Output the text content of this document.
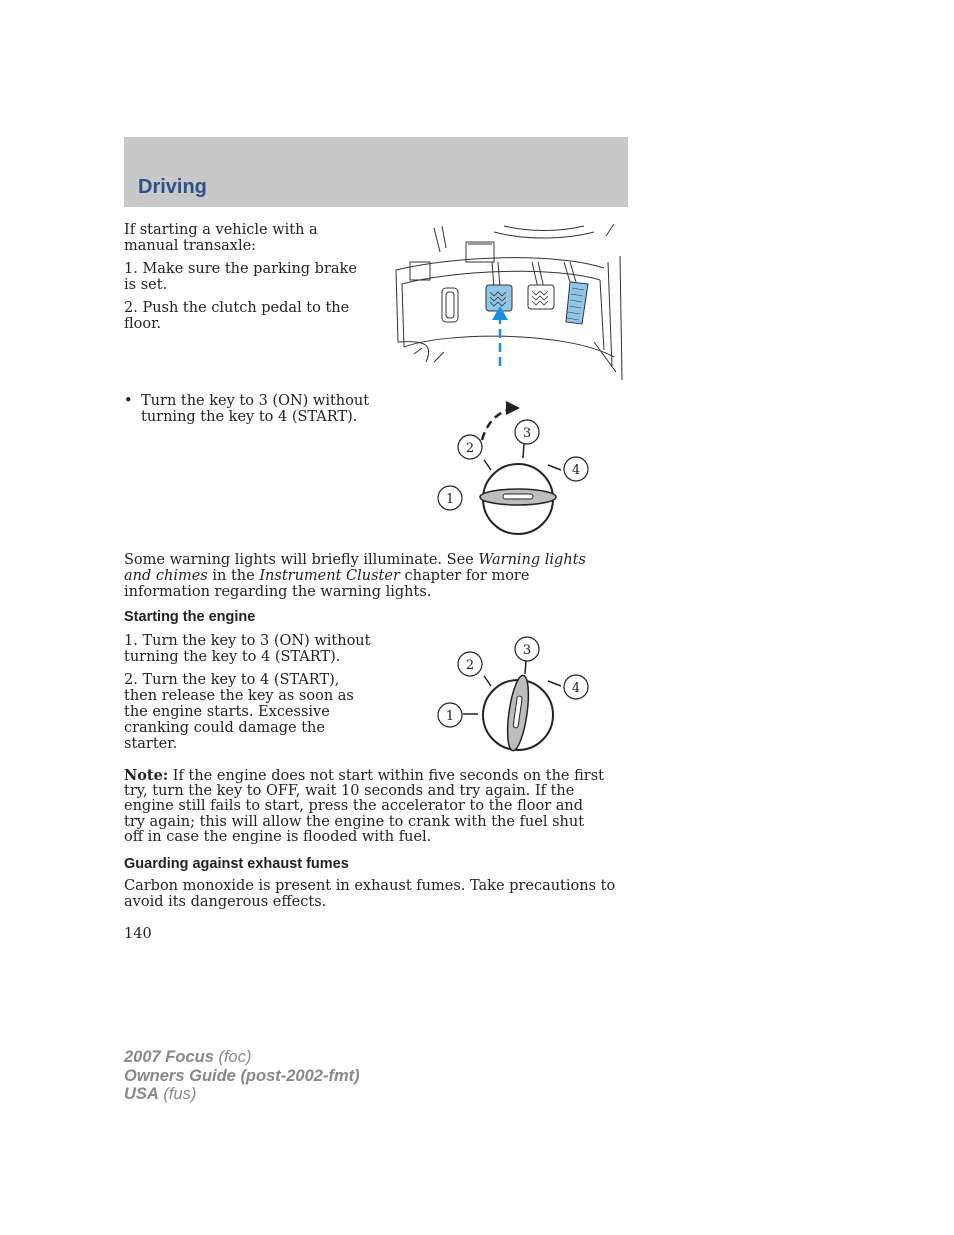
Driving
If starting a vehicle with a manual transaxle:
1. Make sure the parking brake is set.
2. Push the clutch pedal to the floor.
• Turn the key to 3 (ON) without turning the key to 4 (START).
2
3
4
1
Some warning lights will briefly illuminate. See Warning lights and chimes in the Instrument Cluster chapter for more information regarding the warning lights.
Starting the engine
1. Turn the key to 3 (ON) without turning the key to 4 (START).
2. Turn the key to 4 (START), then release the key as soon as the engine starts. Excessive cranking could damage the starter.
2
3
4
1
Note: If the engine does not start within five seconds on the first try, turn the key to OFF, wait 10 seconds and try again. If the engine still fails to start, press the accelerator to the floor and try again; this will allow the engine to crank with the fuel shut off in case the engine is flooded with fuel.
Guarding against exhaust fumes
Carbon monoxide is present in exhaust fumes. Take precautions to avoid its dangerous effects.
140
2007 Focus (foc)
Owners Guide (post-2002-fmt)
USA (fus)
